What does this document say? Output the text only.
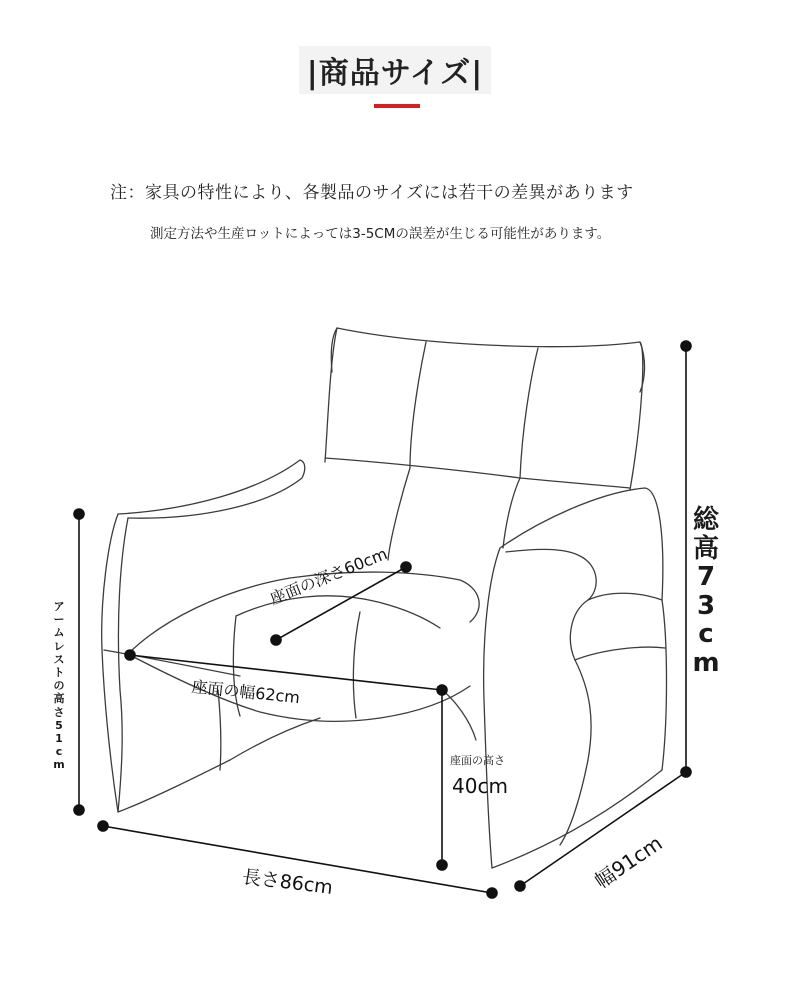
|商品サイズ|
注：家具の特性により、各製品のサイズには若干の差異があります
測定方法や生産ロットによっては3-5CMの誤差が生じる可能性があります。
座面の深さ60cm
座面の幅62cm
座面の高さ
40cm
長さ86cm	幅91cm
総高73cm
アームレストの高さ51cm
